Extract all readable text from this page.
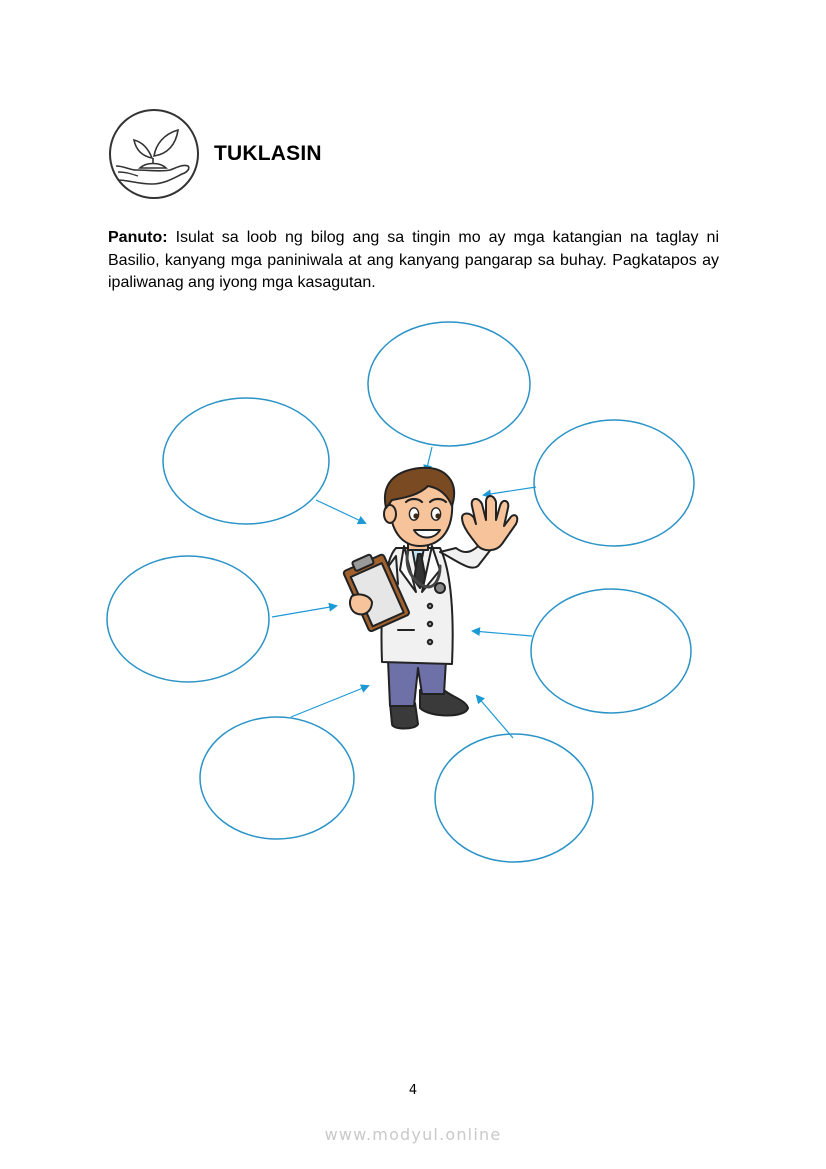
TUKLASIN
Panuto: Isulat sa loob ng bilog ang sa tingin mo ay mga katangian na taglay ni Basilio, kanyang mga paniniwala at ang kanyang pangarap sa buhay. Pagkatapos ay ipaliwanag ang iyong mga kasagutan.
4
www.modyul.online
